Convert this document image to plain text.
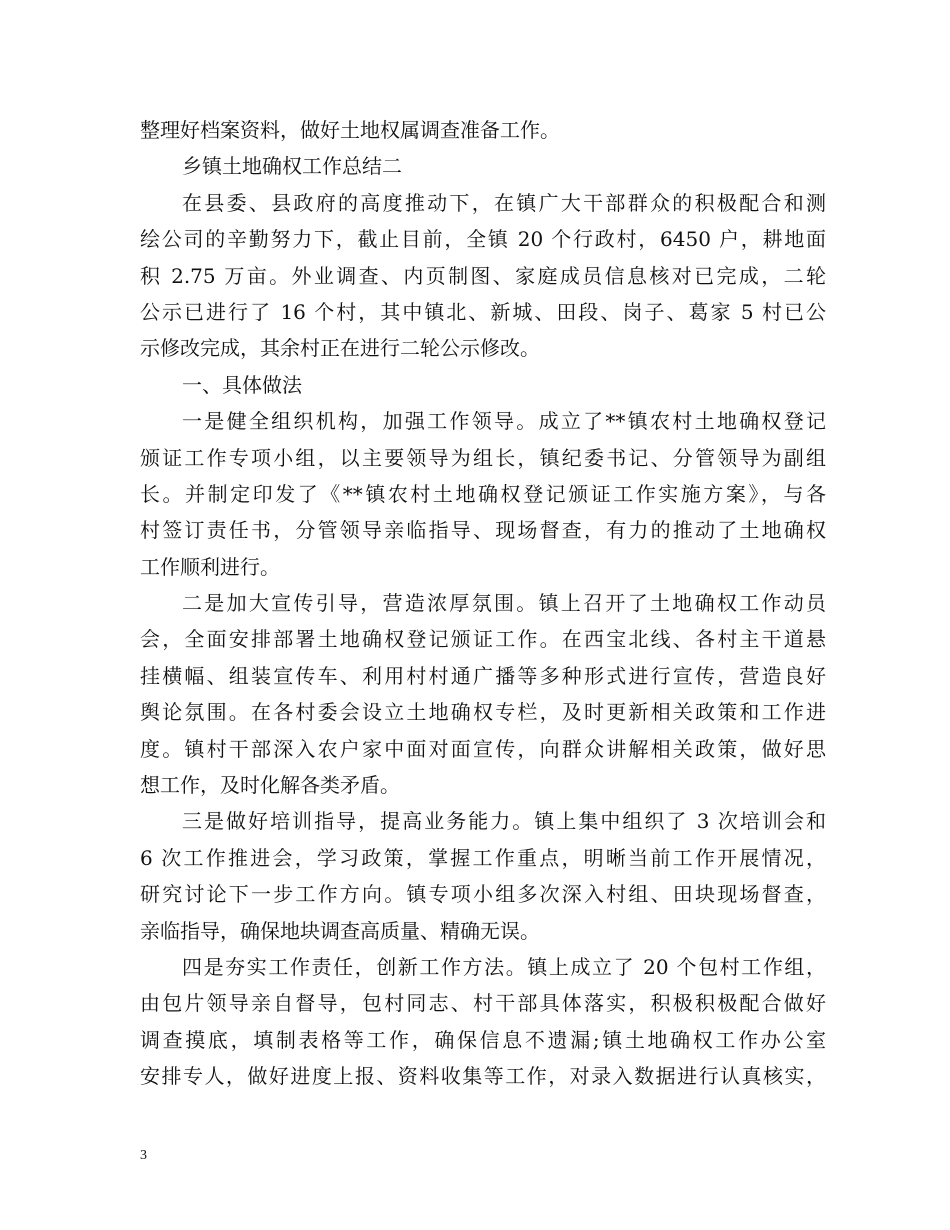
整理好档案资料，做好土地权属调查准备工作。
乡镇土地确权工作总结二
在县委、县政府的高度推动下，在镇广大干部群众的积极配合和测
绘公司的辛勤努力下，截止目前，全镇 20 个行政村，6450 户，耕地面
积 2.75 万亩。外业调查、内页制图、家庭成员信息核对已完成，二轮
公示已进行了 16 个村，其中镇北、新城、田段、岗子、葛家 5 村已公
示修改完成，其余村正在进行二轮公示修改。
一、具体做法
一是健全组织机构，加强工作领导。成立了**镇农村土地确权登记
颁证工作专项小组，以主要领导为组长，镇纪委书记、分管领导为副组
长。并制定印发了《**镇农村土地确权登记颁证工作实施方案》，与各
村签订责任书，分管领导亲临指导、现场督查，有力的推动了土地确权
工作顺利进行。
二是加大宣传引导，营造浓厚氛围。镇上召开了土地确权工作动员
会，全面安排部署土地确权登记颁证工作。在西宝北线、各村主干道悬
挂横幅、组装宣传车、利用村村通广播等多种形式进行宣传，营造良好
舆论氛围。在各村委会设立土地确权专栏，及时更新相关政策和工作进
度。镇村干部深入农户家中面对面宣传，向群众讲解相关政策，做好思
想工作，及时化解各类矛盾。
三是做好培训指导，提高业务能力。镇上集中组织了 3 次培训会和
6 次工作推进会，学习政策，掌握工作重点，明晰当前工作开展情况，
研究讨论下一步工作方向。镇专项小组多次深入村组、田块现场督查，
亲临指导，确保地块调查高质量、精确无误。
四是夯实工作责任，创新工作方法。镇上成立了 20 个包村工作组，
由包片领导亲自督导，包村同志、村干部具体落实，积极积极配合做好
调查摸底，填制表格等工作，确保信息不遗漏;镇土地确权工作办公室
安排专人，做好进度上报、资料收集等工作，对录入数据进行认真核实，
3
